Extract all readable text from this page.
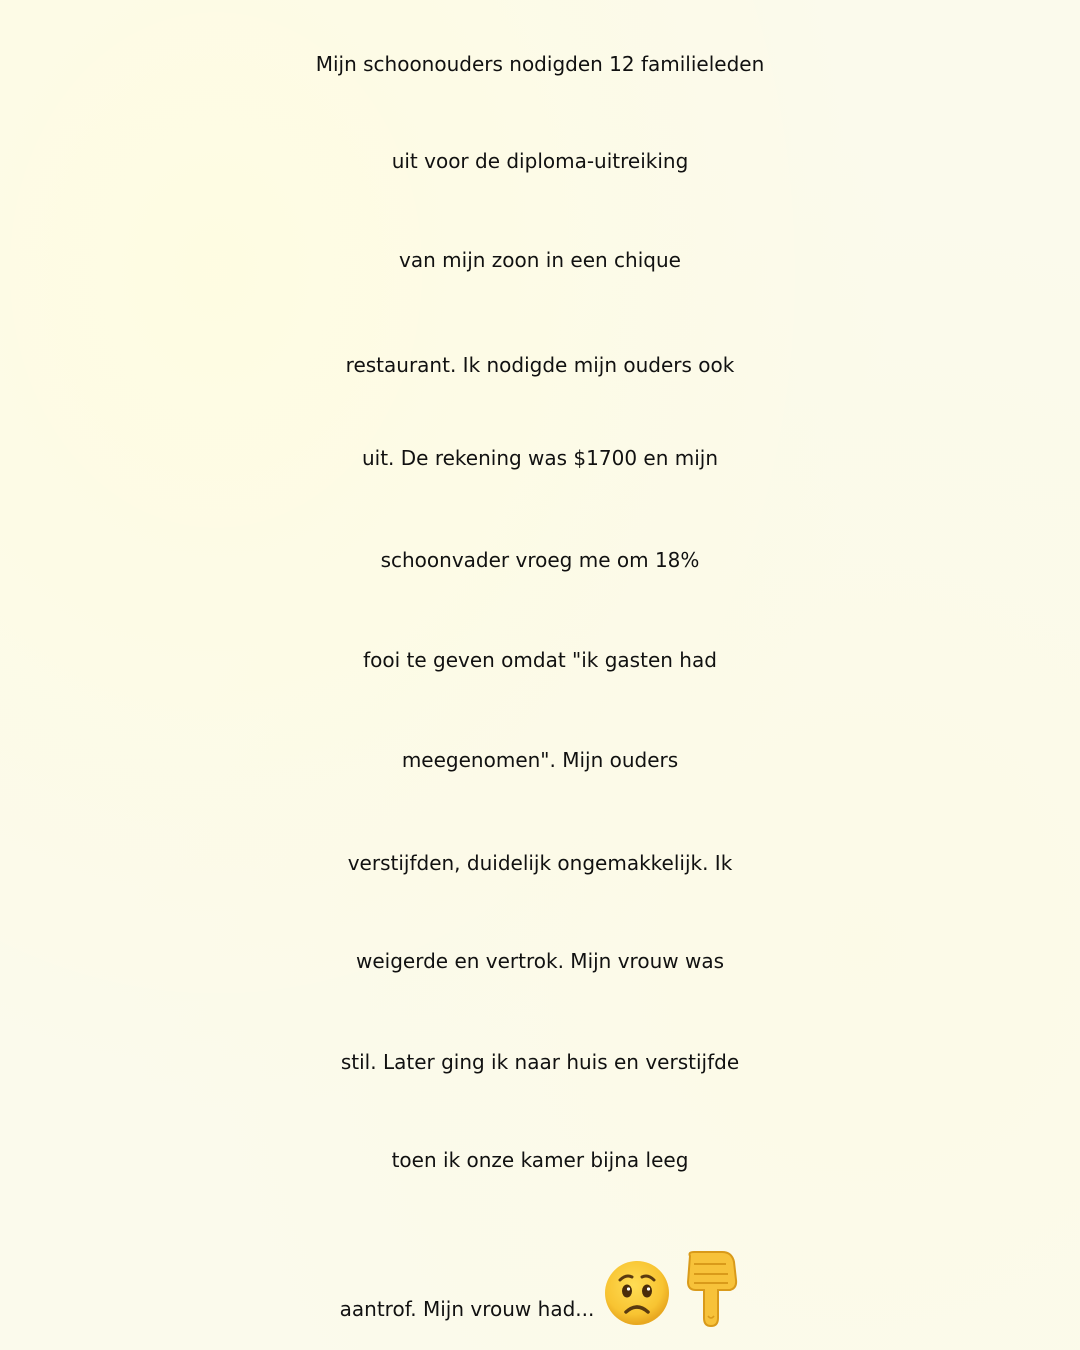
Mijn schoonouders nodigden 12 familieleden
uit voor de diploma-uitreiking
van mijn zoon in een chique
restaurant. Ik nodigde mijn ouders ook
uit. De rekening was $1700 en mijn
schoonvader vroeg me om 18%
fooi te geven omdat "ik gasten had
meegenomen". Mijn ouders
verstijfden, duidelijk ongemakkelijk. Ik
weigerde en vertrok. Mijn vrouw was
stil. Later ging ik naar huis en verstijfde
toen ik onze kamer bijna leeg
aantrof. Mijn vrouw had...
